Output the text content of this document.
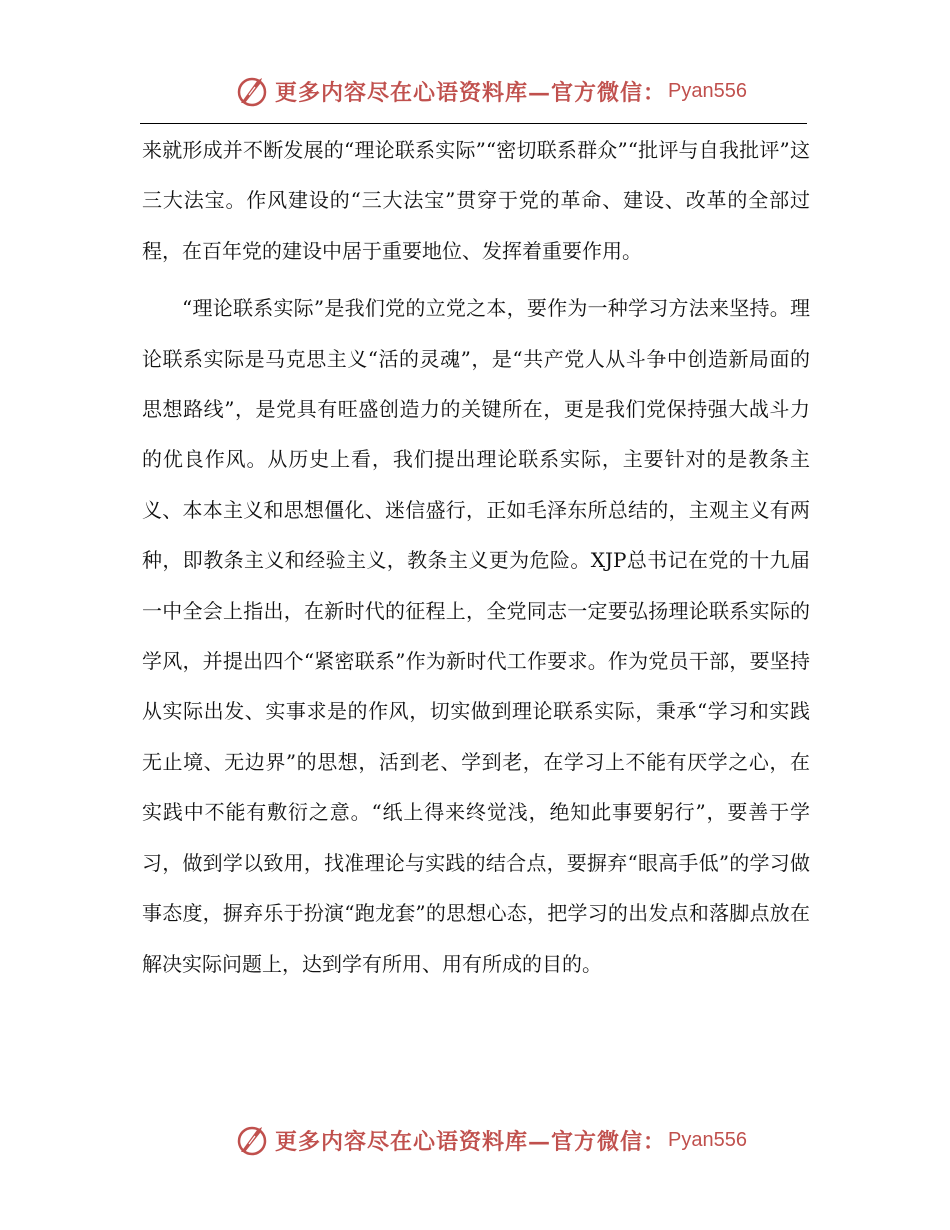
更多内容尽在心语资料库—官方微信： Pyan556

来就形成并不断发展的“理论联系实际”“密切联系群众”“批评与自我批评”这三大法宝。作风建设的“三大法宝”贯穿于党的革命、建设、改革的全部过程，在百年党的建设中居于重要地位、发挥着重要作用。

“理论联系实际”是我们党的立党之本，要作为一种学习方法来坚持。理论联系实际是马克思主义“活的灵魂”，是“共产党人从斗争中创造新局面的思想路线”，是党具有旺盛创造力的关键所在，更是我们党保持强大战斗力的优良作风。从历史上看，我们提出理论联系实际，主要针对的是教条主义、本本主义和思想僵化、迷信盛行，正如毛泽东所总结的，主观主义有两种，即教条主义和经验主义，教条主义更为危险。XJP总书记在党的十九届一中全会上指出，在新时代的征程上，全党同志一定要弘扬理论联系实际的学风，并提出四个“紧密联系”作为新时代工作要求。作为党员干部，要坚持从实际出发、实事求是的作风，切实做到理论联系实际，秉承“学习和实践无止境、无边界”的思想，活到老、学到老，在学习上不能有厌学之心，在实践中不能有敷衍之意。“纸上得来终觉浅，绝知此事要躬行”，要善于学习，做到学以致用，找准理论与实践的结合点，要摒弃“眼高手低”的学习做事态度，摒弃乐于扮演“跑龙套”的思想心态，把学习的出发点和落脚点放在解决实际问题上，达到学有所用、用有所成的目的。

更多内容尽在心语资料库—官方微信： Pyan556
